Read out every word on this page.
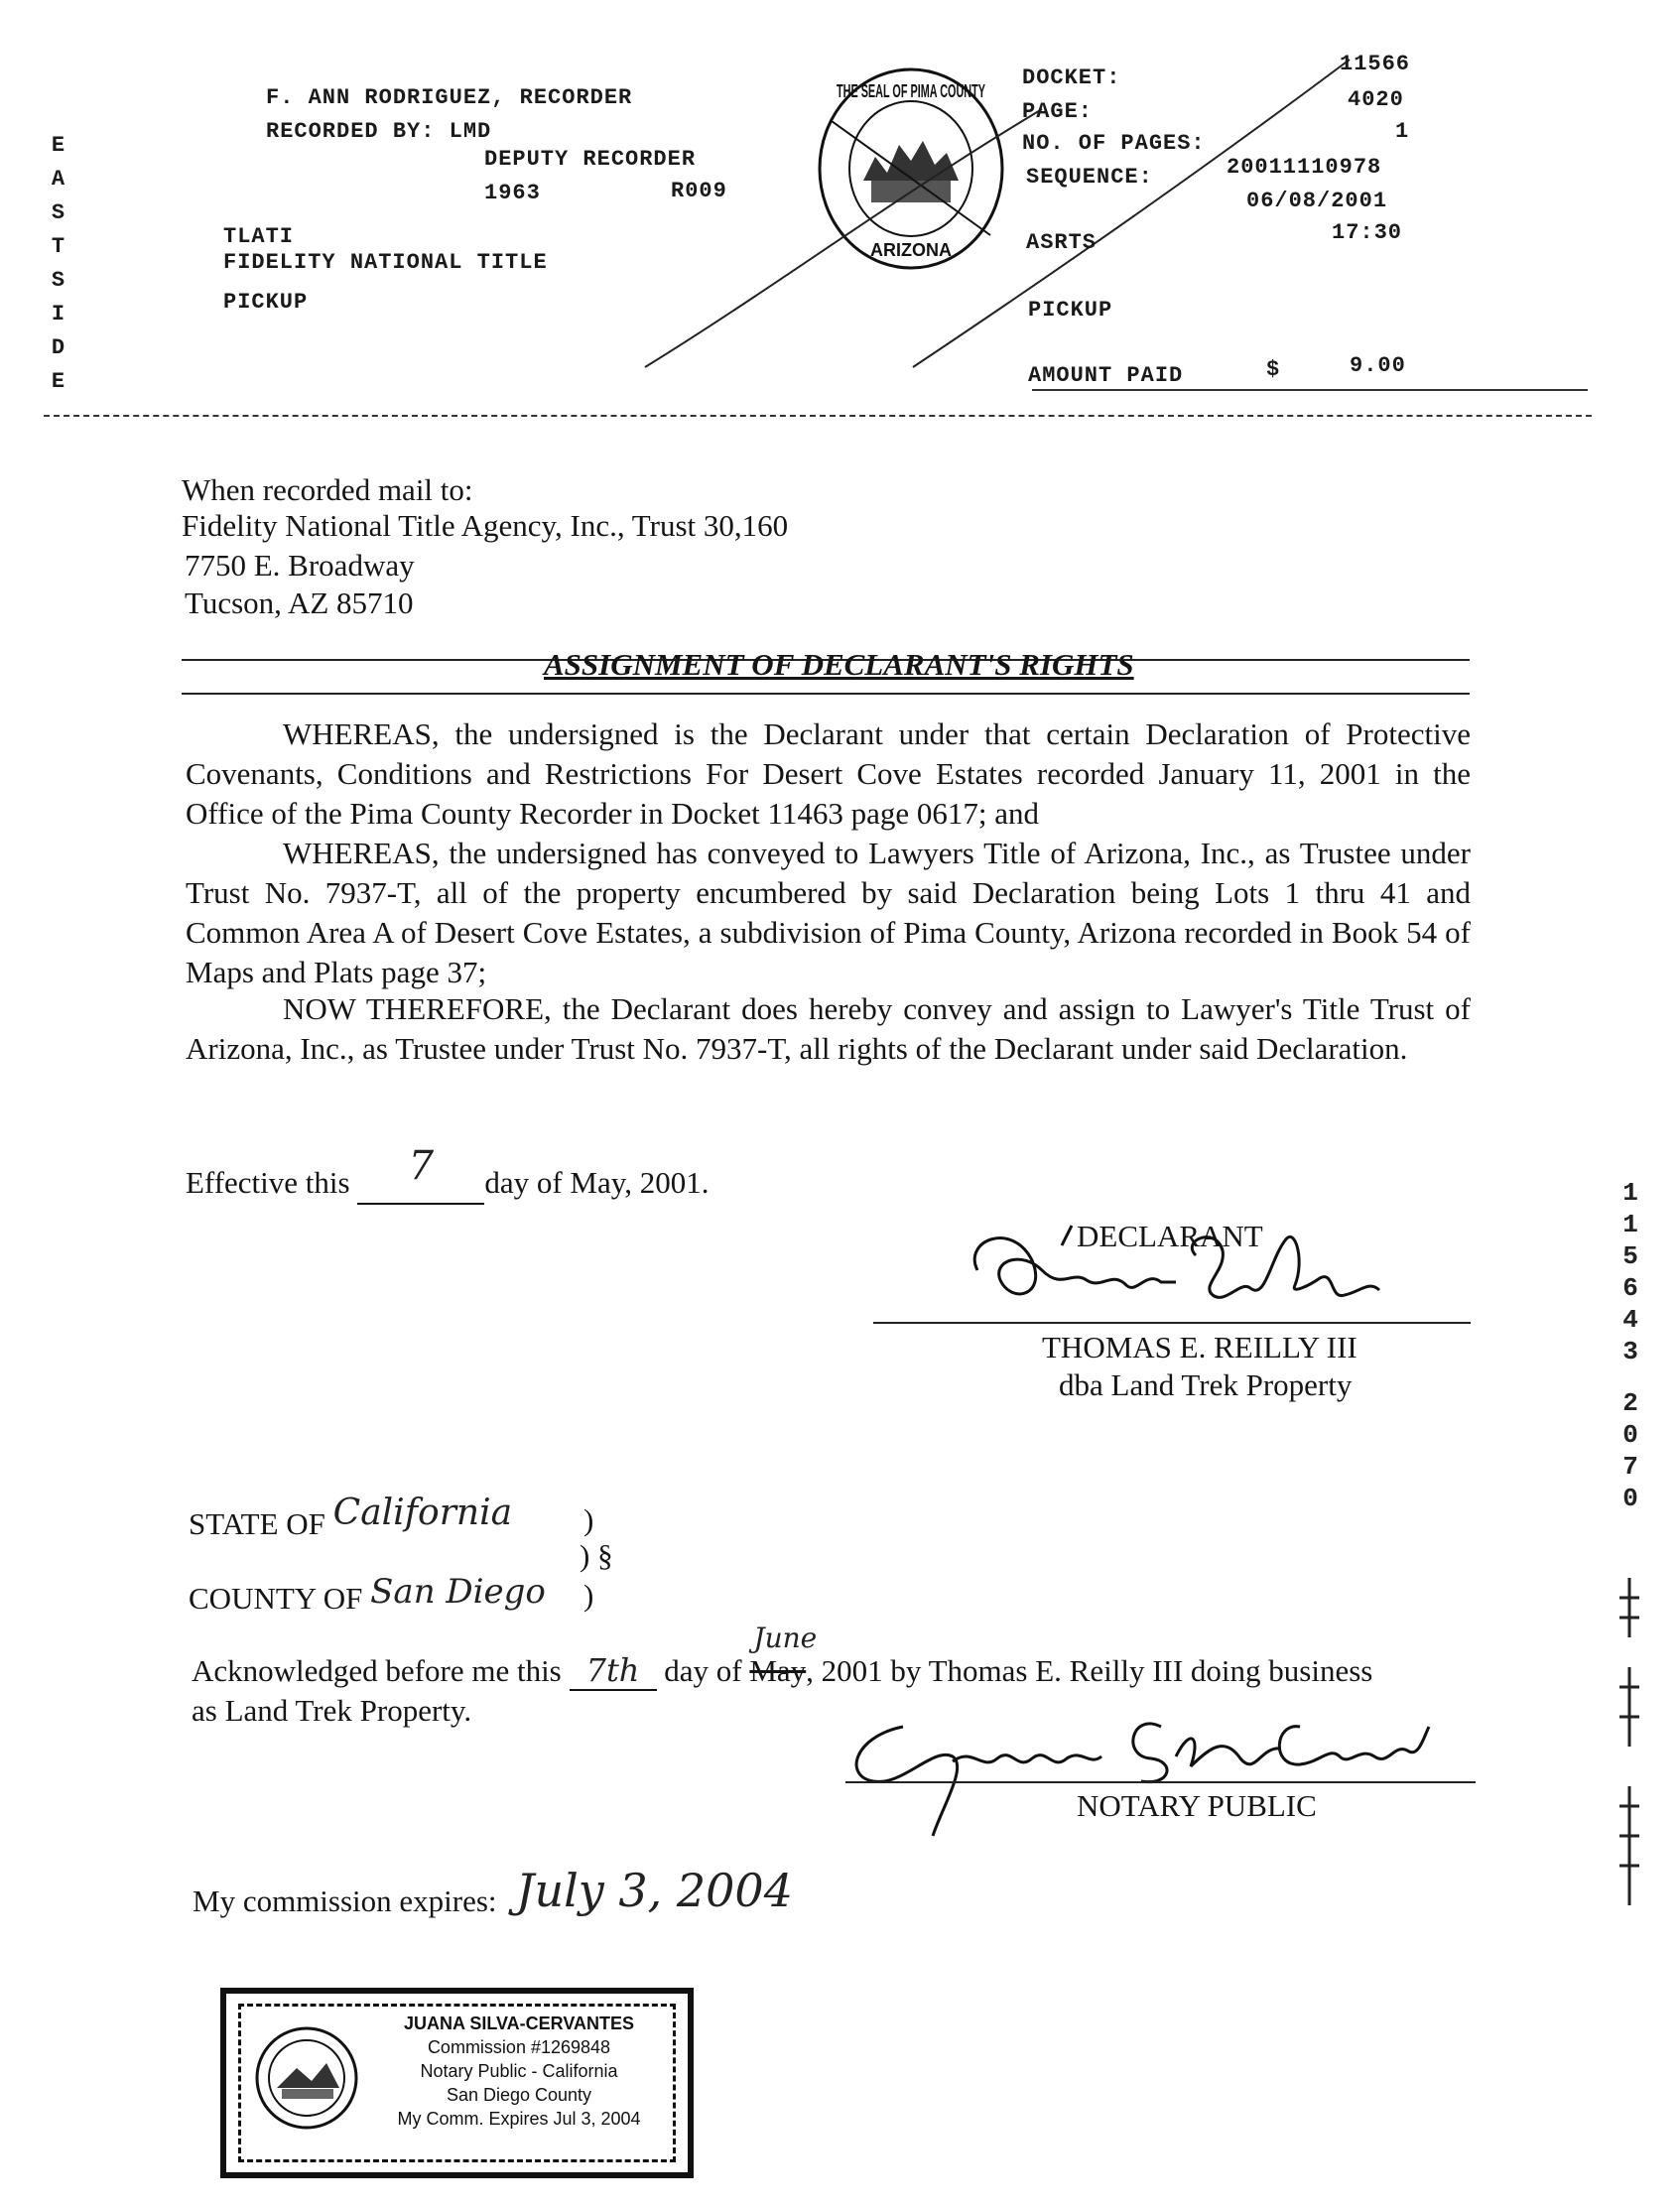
E
A
S
T
S
I
D
E
F. ANN RODRIGUEZ, RECORDER
RECORDED BY: LMD
DEPUTY RECORDER
1963	R009
TLATI
FIDELITY NATIONAL TITLE
PICKUP
THE SEAL OF PIMA COUNTY
ARIZONA
DOCKET:
11566
PAGE:	4020
NO. OF PAGES:	1
SEQUENCE:	20011110978
06/08/2001
17:30
ASRTS
PICKUP
AMOUNT PAID	$	9.00
When recorded mail to:
Fidelity National Title Agency, Inc., Trust 30,160
7750 E. Broadway
Tucson, AZ 85710
ASSIGNMENT OF DECLARANT'S RIGHTS
WHEREAS, the undersigned is the Declarant under that certain Declaration of Protective Covenants, Conditions and Restrictions For Desert Cove Estates recorded January 11, 2001 in the Office of the Pima County Recorder in Docket 11463 page 0617; and
WHEREAS, the undersigned has conveyed to Lawyers Title of Arizona, Inc., as Trustee under Trust No. 7937-T, all of the property encumbered by said Declaration being Lots 1 thru 41 and Common Area A of Desert Cove Estates, a subdivision of Pima County, Arizona recorded in Book 54 of Maps and Plats page 37;
NOW THEREFORE, the Declarant does hereby convey and assign to Lawyer's Title Trust of Arizona, Inc., as Trustee under Trust No. 7937-T, all rights of the Declarant under said Declaration.
Effective this 7 day of May, 2001.
DECLARANT
THOMAS E. REILLY III
dba Land Trek Property
STATE OF California )
) §
COUNTY OF San Diego )
Acknowledged before me this 7th day of May
June
, 2001 by Thomas E. Reilly III doing business
as Land Trek Property.
NOTARY PUBLIC
My commission expires: July 3, 2004
JUANA SILVA-CERVANTES
Commission #1269848
Notary Public - California
San Diego County
My Comm. Expires Jul 3, 2004
1
1
5
6
4
3
2
0
7
0
